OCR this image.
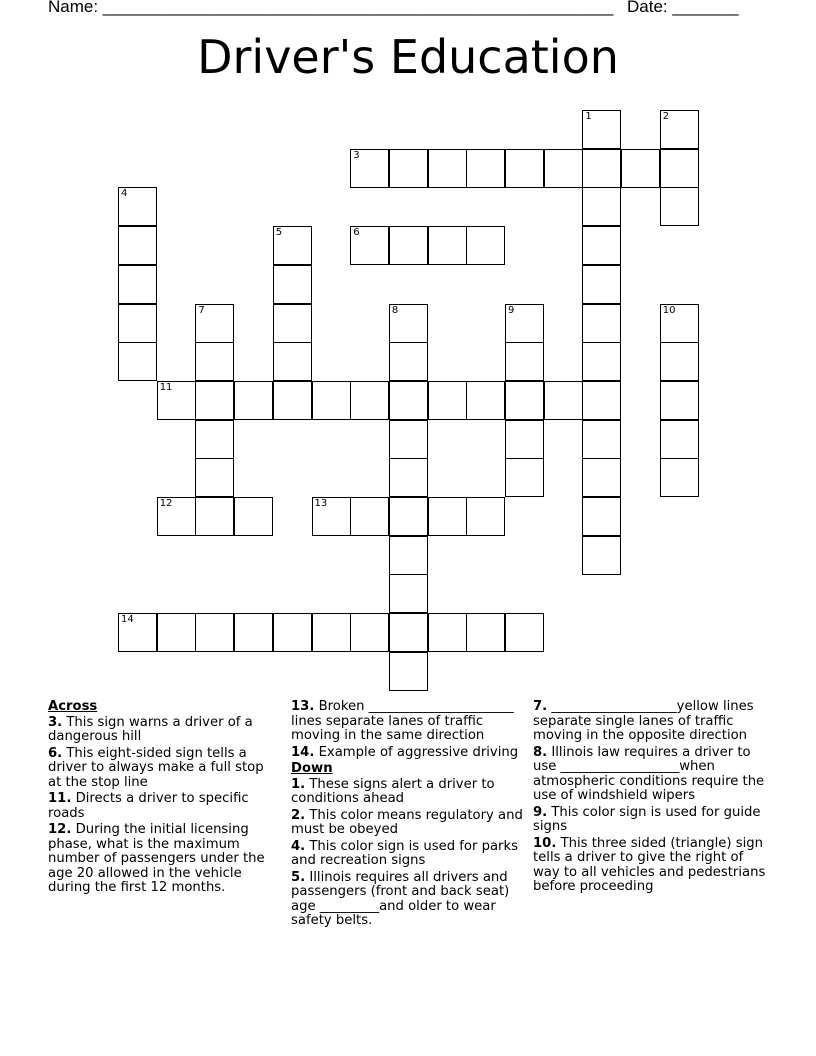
Name: ______________________________________________________ Date: _______
Driver's Education
1	2
3
4
5	6
7	8	9	10
11
12	13
14
Across
3. This sign warns a driver of a dangerous hill
6. This eight-sided sign tells a driver to always make a full stop at the stop line
11. Directs a driver to specific roads
12. During the initial licensing phase, what is the maximum number of passengers under the age 20 allowed in the vehicle during the first 12 months.
13. Broken ______________________ lines separate lanes of traffic moving in the same direction
14. Example of aggressive driving
Down
1. These signs alert a driver to conditions ahead
2. This color means regulatory and must be obeyed
4. This color sign is used for parks and recreation signs
5. Illinois requires all drivers and passengers (front and back seat) age _________and older to wear safety belts.
7. ___________________yellow lines separate single lanes of traffic moving in the opposite direction
8. Illinois law requires a driver to use __________________when atmospheric conditions require the use of windshield wipers
9. This color sign is used for guide signs
10. This three sided (triangle) sign tells a driver to give the right of way to all vehicles and pedestrians before proceeding
